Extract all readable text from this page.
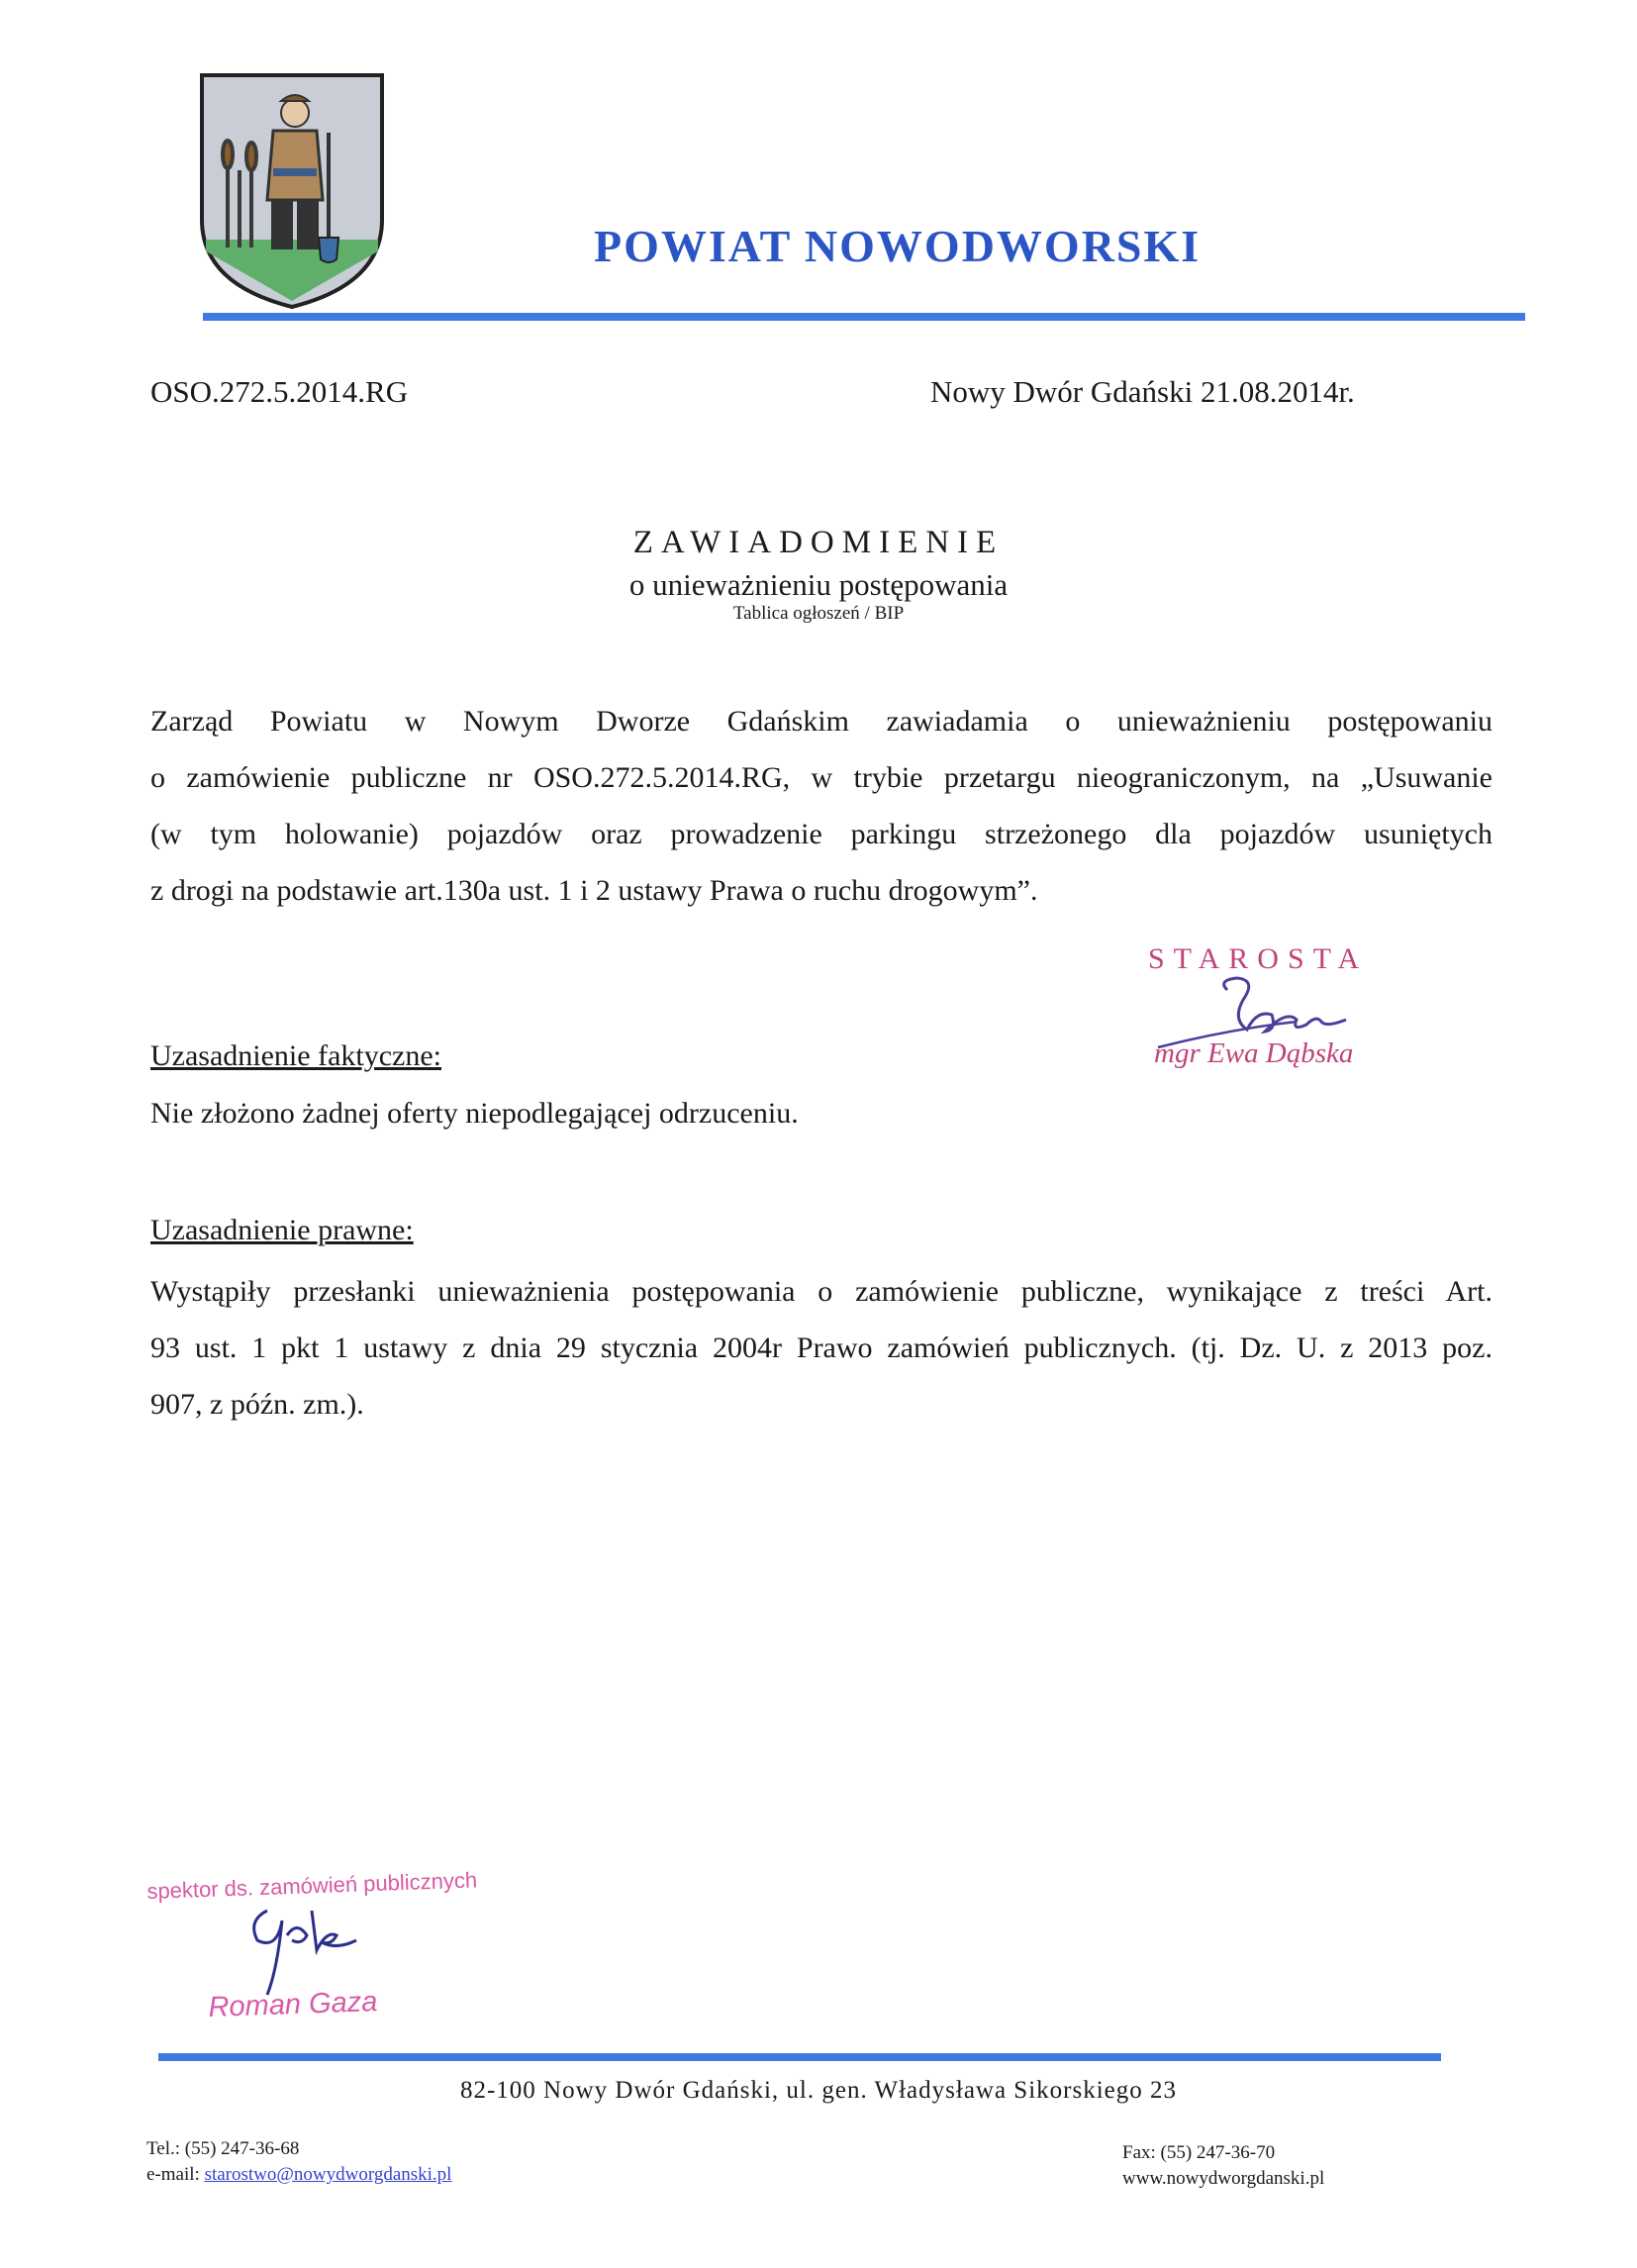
POWIAT NOWODWORSKI
OSO.272.5.2014.RG	Nowy Dwór Gdański 21.08.2014r.
ZAWIADOMIENIE
o unieważnieniu postępowania
Tablica ogłoszeń / BIP
Zarząd Powiatu w Nowym Dworze Gdańskim zawiadamia o unieważnieniu postępowaniu
o zamówienie publiczne nr OSO.272.5.2014.RG, w trybie przetargu nieograniczonym, na „Usuwanie
(w tym holowanie) pojazdów oraz prowadzenie parkingu strzeżonego dla pojazdów usuniętych
z drogi na podstawie art.130a ust. 1 i 2 ustawy Prawa o ruchu drogowym”.
STAROSTA
mgr Ewa Dąbska
Uzasadnienie faktyczne:
Nie złożono żadnej oferty niepodlegającej odrzuceniu.
Uzasadnienie prawne:
Wystąpiły przesłanki unieważnienia postępowania o zamówienie publiczne, wynikające z treści Art.
93 ust. 1 pkt 1 ustawy z dnia 29 stycznia 2004r Prawo zamówień publicznych. (tj. Dz. U. z 2013 poz.
907, z późn. zm.).
spektor ds. zamówień publicznych
Roman Gaza
82-100 Nowy Dwór Gdański, ul. gen. Władysława Sikorskiego 23
Tel.: (55) 247-36-68
e-mail: starostwo@nowydworgdanski.pl
Fax: (55) 247-36-70
www.nowydworgdanski.pl
